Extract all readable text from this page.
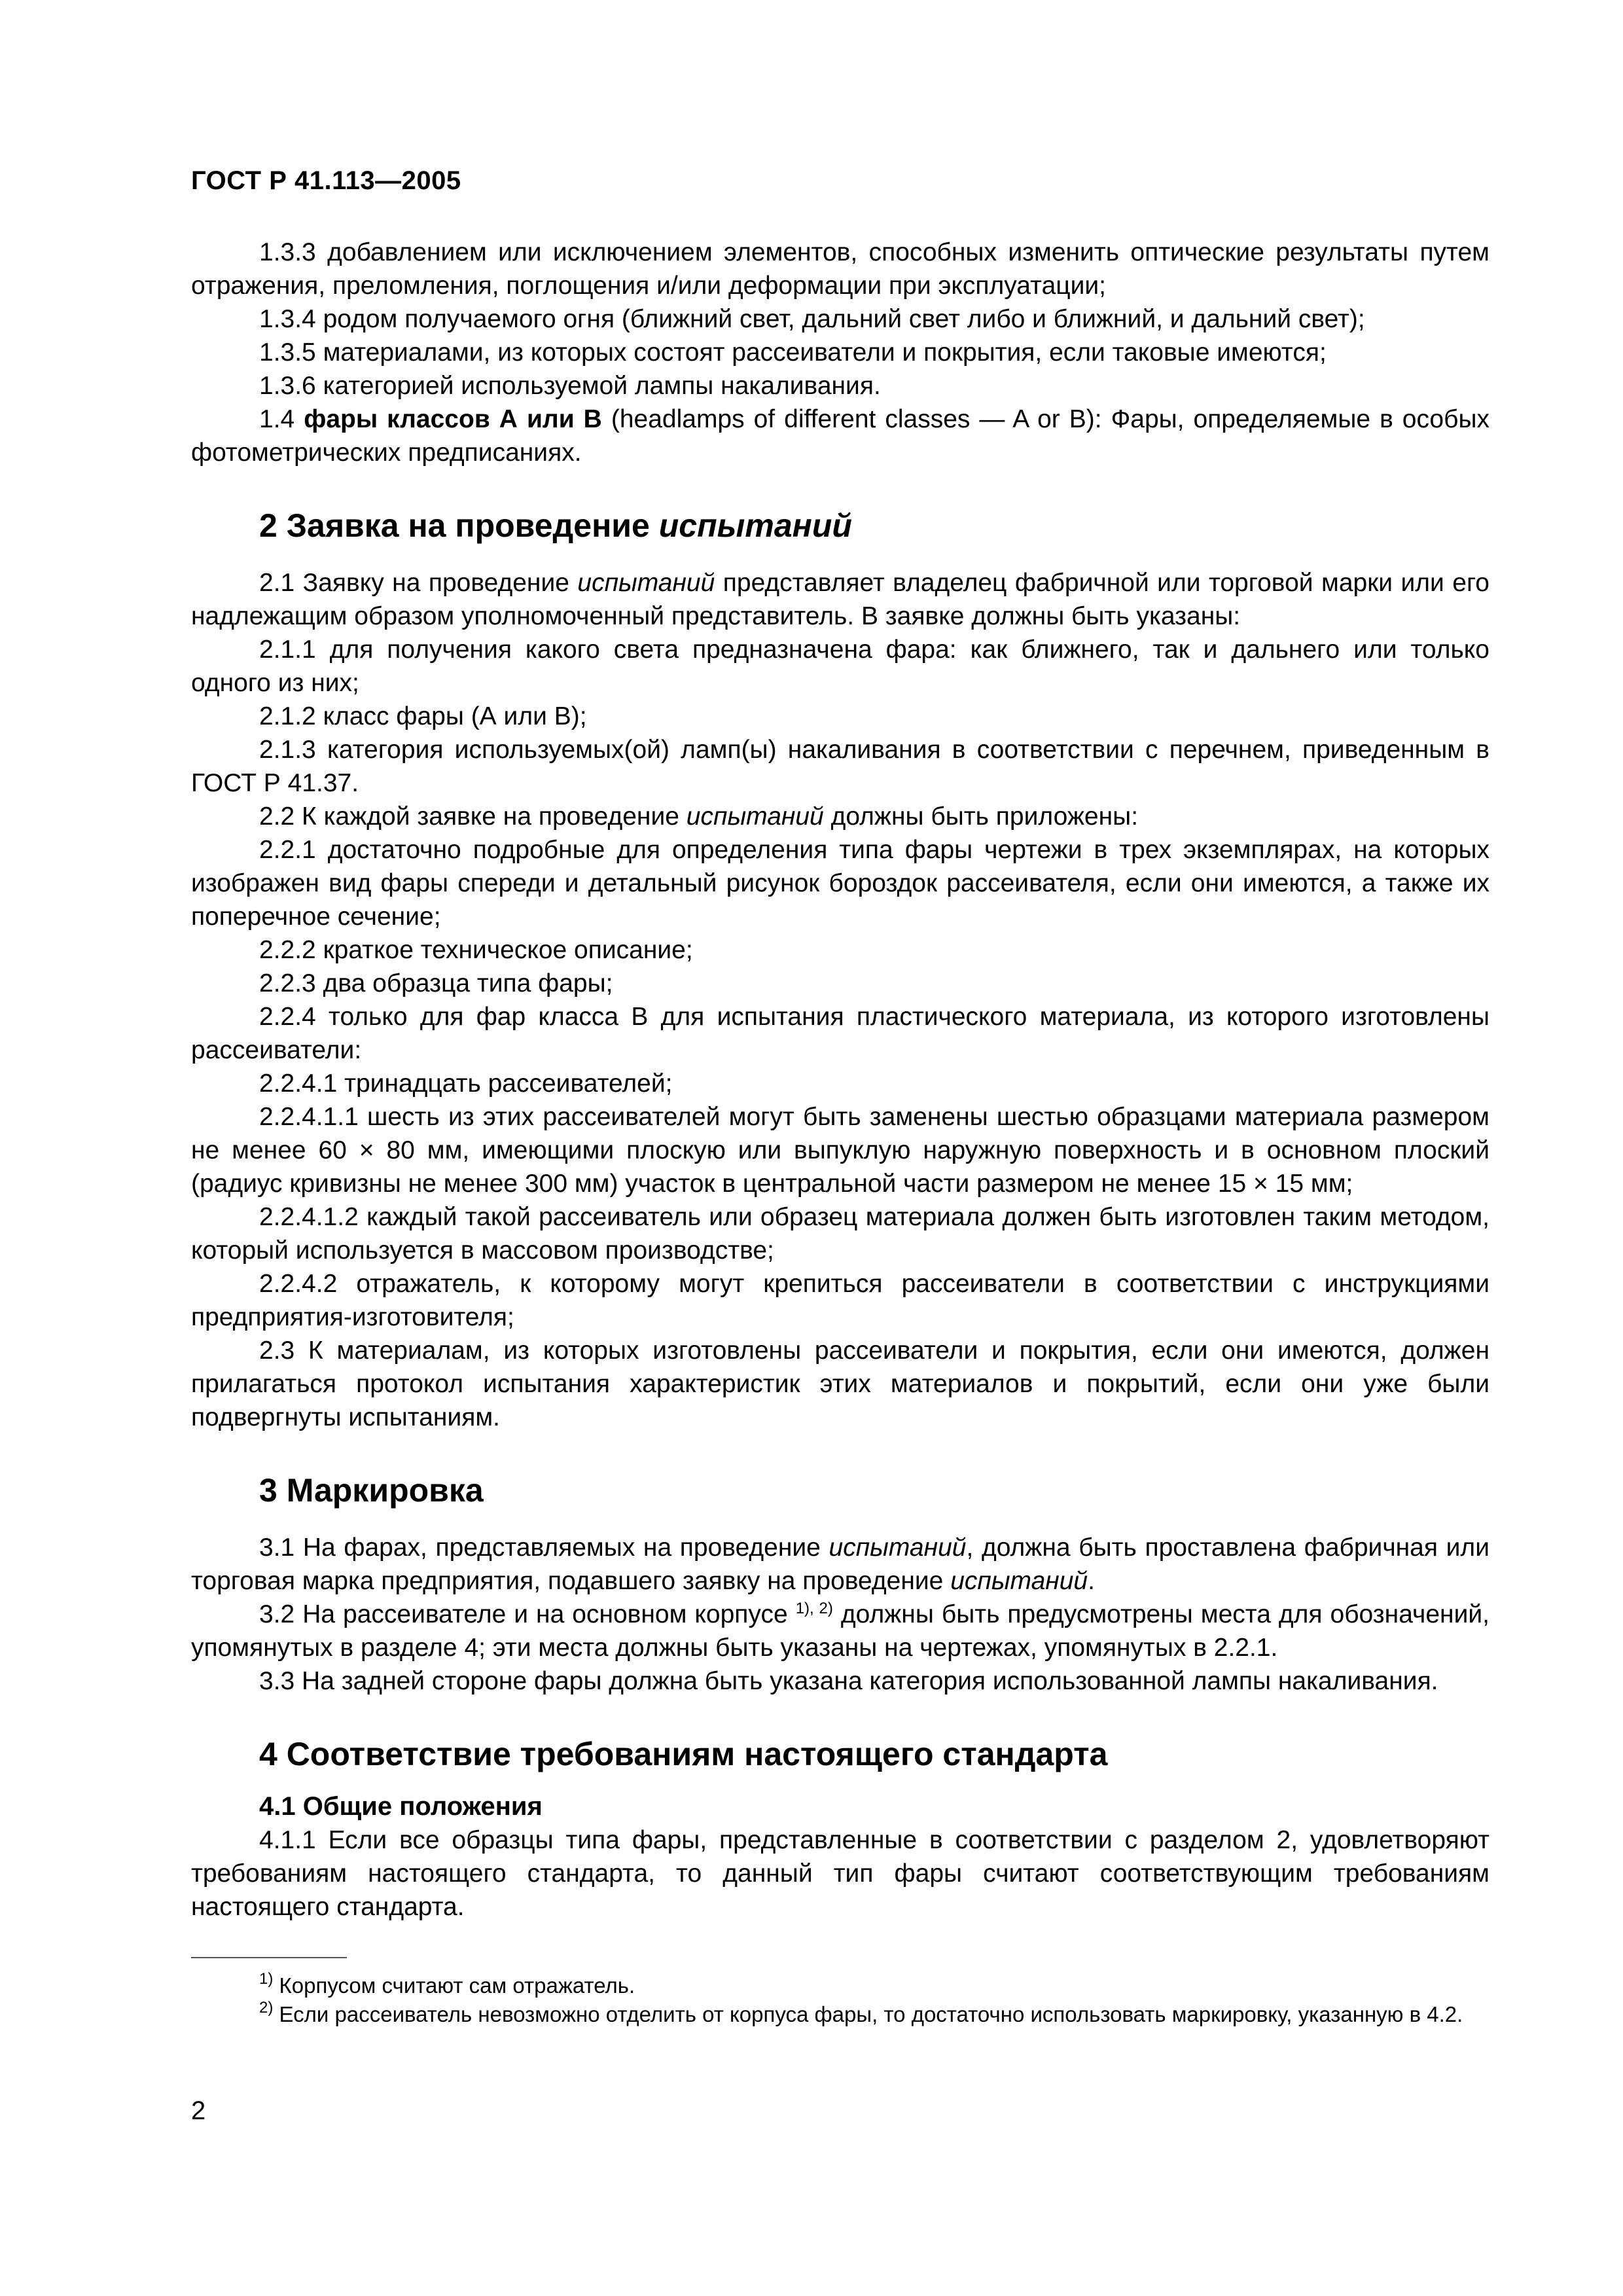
ГОСТ Р 41.113—2005

1.3.3 добавлением или исключением элементов, способных изменить оптические результаты путем отражения, преломления, поглощения и/или деформации при эксплуатации;

1.3.4 родом получаемого огня (ближний свет, дальний свет либо и ближний, и дальний свет);

1.3.5 материалами, из которых состоят рассеиватели и покрытия, если таковые имеются;

1.3.6 категорией используемой лампы накаливания.

1.4 фары классов А или В (headlamps of different classes — A or B): Фары, определяемые в особых фотометрических предписаниях.

2 Заявка на проведение испытаний

2.1 Заявку на проведение испытаний представляет владелец фабричной или торговой марки или его надлежащим образом уполномоченный представитель. В заявке должны быть указаны:

2.1.1 для получения какого света предназначена фара: как ближнего, так и дальнего или только одного из них;

2.1.2 класс фары (А или В);

2.1.3 категория используемых(ой) ламп(ы) накаливания в соответствии с перечнем, приведенным в ГОСТ Р 41.37.

2.2 К каждой заявке на проведение испытаний должны быть приложены:

2.2.1 достаточно подробные для определения типа фары чертежи в трех экземплярах, на которых изображен вид фары спереди и детальный рисунок бороздок рассеивателя, если они имеются, а также их поперечное сечение;

2.2.2 краткое техническое описание;

2.2.3 два образца типа фары;

2.2.4 только для фар класса В для испытания пластического материала, из которого изготовлены рассеиватели:

2.2.4.1 тринадцать рассеивателей;

2.2.4.1.1 шесть из этих рассеивателей могут быть заменены шестью образцами материала размером не менее 60 × 80 мм, имеющими плоскую или выпуклую наружную поверхность и в основном плоский (радиус кривизны не менее 300 мм) участок в центральной части размером не менее 15 × 15 мм;

2.2.4.1.2 каждый такой рассеиватель или образец материала должен быть изготовлен таким методом, который используется в массовом производстве;

2.2.4.2 отражатель, к которому могут крепиться рассеиватели в соответствии с инструкциями предприятия-изготовителя;

2.3 К материалам, из которых изготовлены рассеиватели и покрытия, если они имеются, должен прилагаться протокол испытания характеристик этих материалов и покрытий, если они уже были подвергнуты испытаниям.

3 Маркировка

3.1 На фарах, представляемых на проведение испытаний, должна быть проставлена фабричная или торговая марка предприятия, подавшего заявку на проведение испытаний.

3.2 На рассеивателе и на основном корпусе $^{1), 2)}$ должны быть предусмотрены места для обозначений, упомянутых в разделе 4; эти места должны быть указаны на чертежах, упомянутых в 2.2.1.

3.3 На задней стороне фары должна быть указана категория использованной лампы накаливания.

4 Соответствие требованиям настоящего стандарта
4.1 Общие положения

4.1.1 Если все образцы типа фары, представленные в соответствии с разделом 2, удовлетворяют требованиям настоящего стандарта, то данный тип фары считают соответствующим требованиям настоящего стандарта.

$^{1)}$ Корпусом считают сам отражатель.

$^{2)}$ Если рассеиватель невозможно отделить от корпуса фары, то достаточно использовать маркировку, указанную в 4.2.

2
